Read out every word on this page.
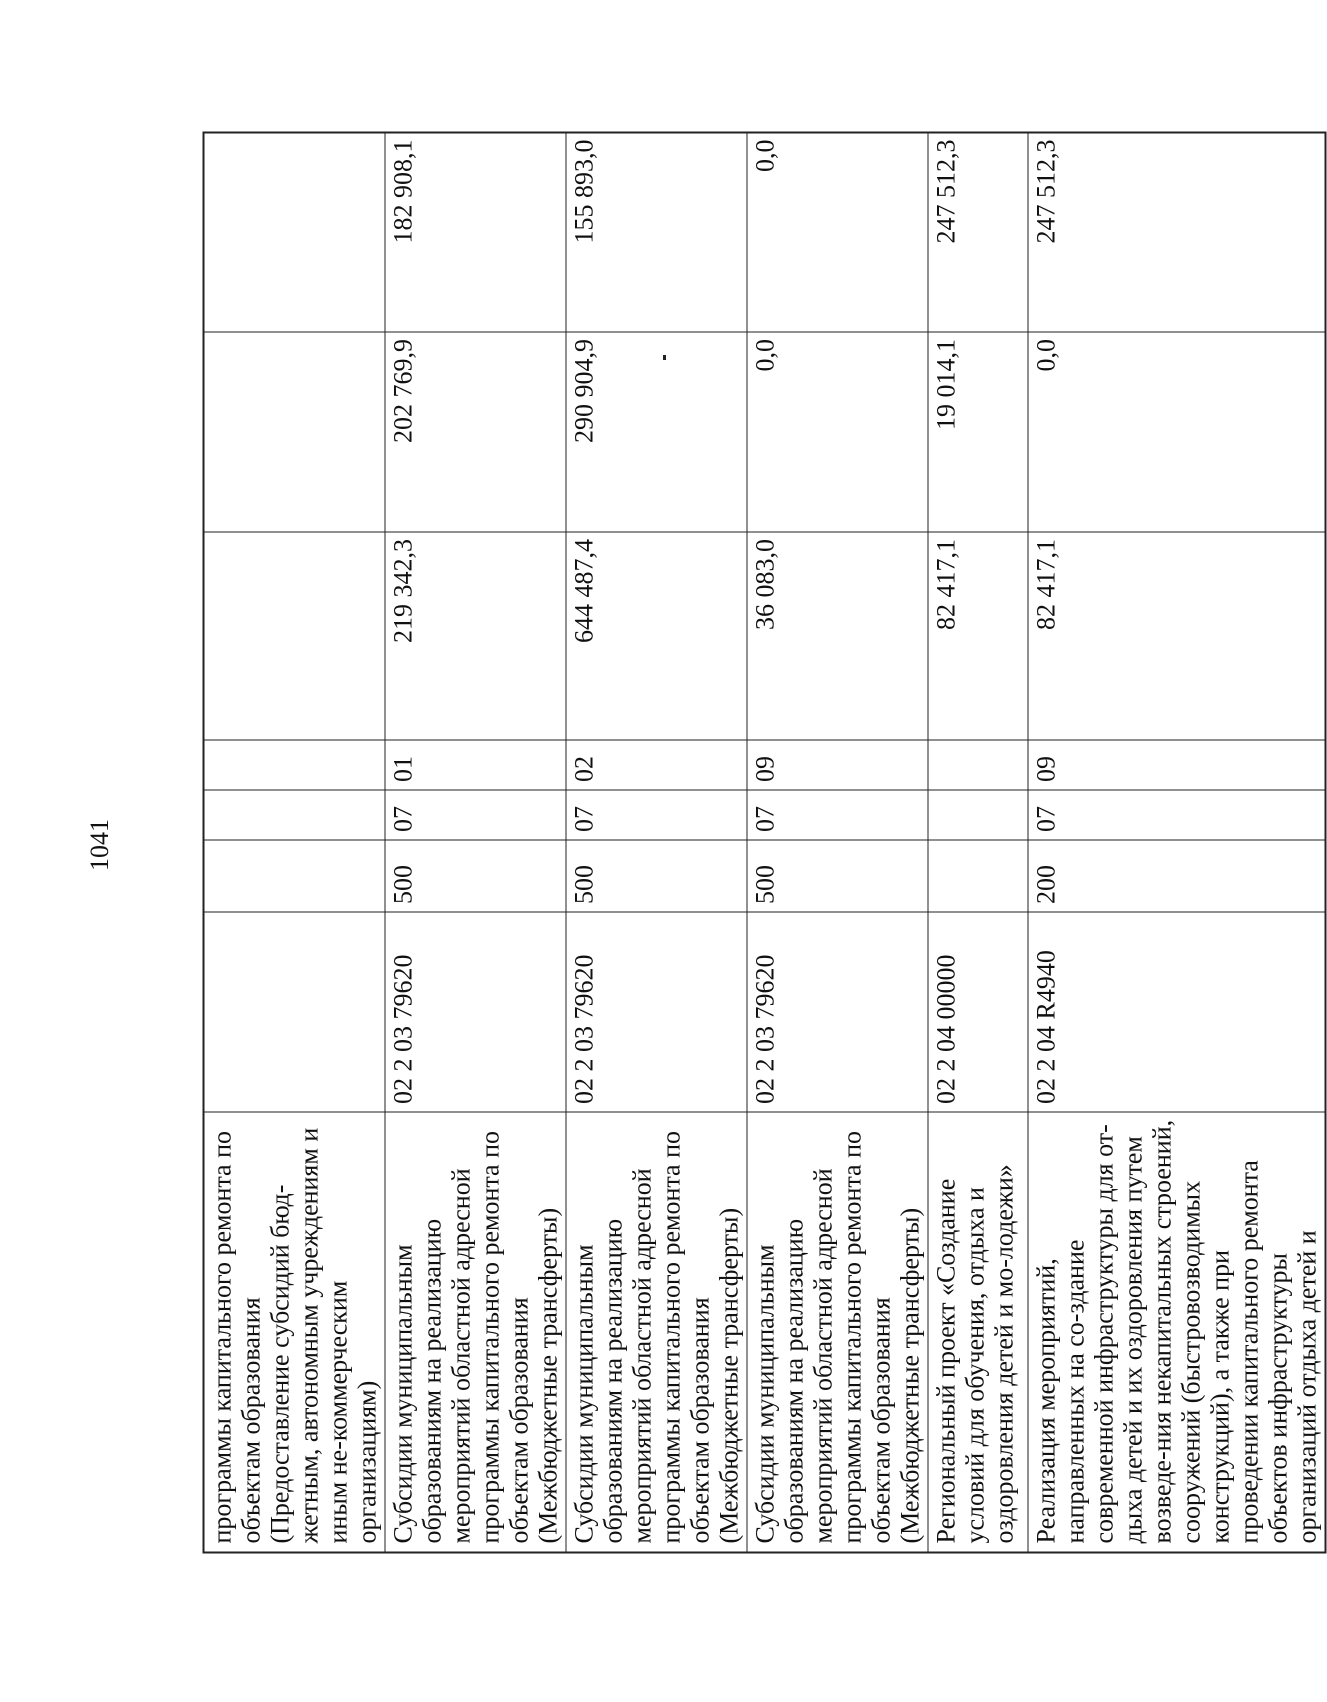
1041
программы капитального ремонта по объектам образования (Предоставление субсидий бюд-жетным, автономным учреждениям и иным не-коммерческим организациям)							
Субсидии муниципальным образованиям на реализацию мероприятий областной адресной программы капитального ремонта по объектам образования (Межбюджетные трансферты)	02 2 03 79620	500	07	01	219 342,3	202 769,9	182 908,1
Субсидии муниципальным образованиям на реализацию мероприятий областной адресной программы капитального ремонта по объектам образования (Межбюджетные трансферты)	02 2 03 79620	500	07	02	644 487,4	290 904,9	155 893,0
Субсидии муниципальным образованиям на реализацию мероприятий областной адресной программы капитального ремонта по объектам образования (Межбюджетные трансферты)	02 2 03 79620	500	07	09	36 083,0	0,0	0,0
Региональный проект «Создание условий для обучения, отдыха и оздоровления детей и мо-лодежи»	02 2 04 00000				82 417,1	19 014,1	247 512,3
Реализация мероприятий, направленных на со-здание современной инфраструктуры для от-дыха детей и их оздоровления путем возведе-ния некапитальных строений, сооружений (быстровозводимых конструкций), а также при проведении капитального ремонта объектов инфраструктуры организаций отдыха детей и	02 2 04 R4940	200	07	09	82 417,1	0,0	247 512,3
